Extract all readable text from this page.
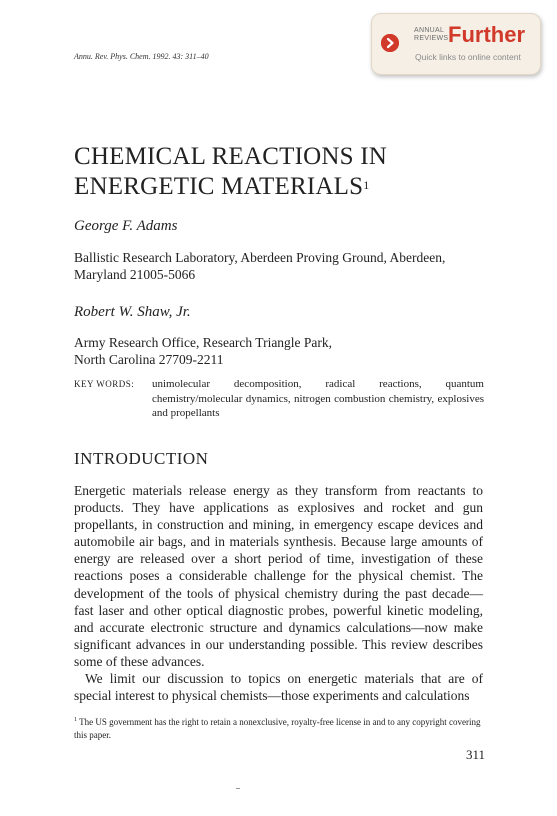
ANNUAL
REVIEWS Further
Quick links to online content
Annu. Rev. Phys. Chem. 1992. 43: 311–40
CHEMICAL REACTIONS IN
ENERGETIC MATERIALS$^1$
George F. Adams
Ballistic Research Laboratory, Aberdeen Proving Ground, Aberdeen,
Maryland 21005-5066
Robert W. Shaw, Jr.
Army Research Office, Research Triangle Park,
North Carolina 27709-2211
KEY WORDS: unimolecular decomposition, radical reactions, quantum chemistry/molecular dynamics, nitrogen combustion chemistry, explosives and propellants
INTRODUCTION

Energetic materials release energy as they transform from reactants to products. They have applications as explosives and rocket and gun propellants, in construction and mining, in emergency escape devices and automobile air bags, and in materials synthesis. Because large amounts of energy are released over a short period of time, investigation of these reactions poses a considerable challenge for the physical chemist. The development of the tools of physical chemistry during the past decade—fast laser and other optical diagnostic probes, powerful kinetic modeling, and accurate electronic structure and dynamics calculations—now make significant advances in our understanding possible. This review describes some of these advances.

We limit our discussion to topics on energetic materials that are of special interest to physical chemists—those experiments and calculations

$^1$ The US government has the right to retain a nonexclusive, royalty-free license in and to any copyright covering this paper.
311
